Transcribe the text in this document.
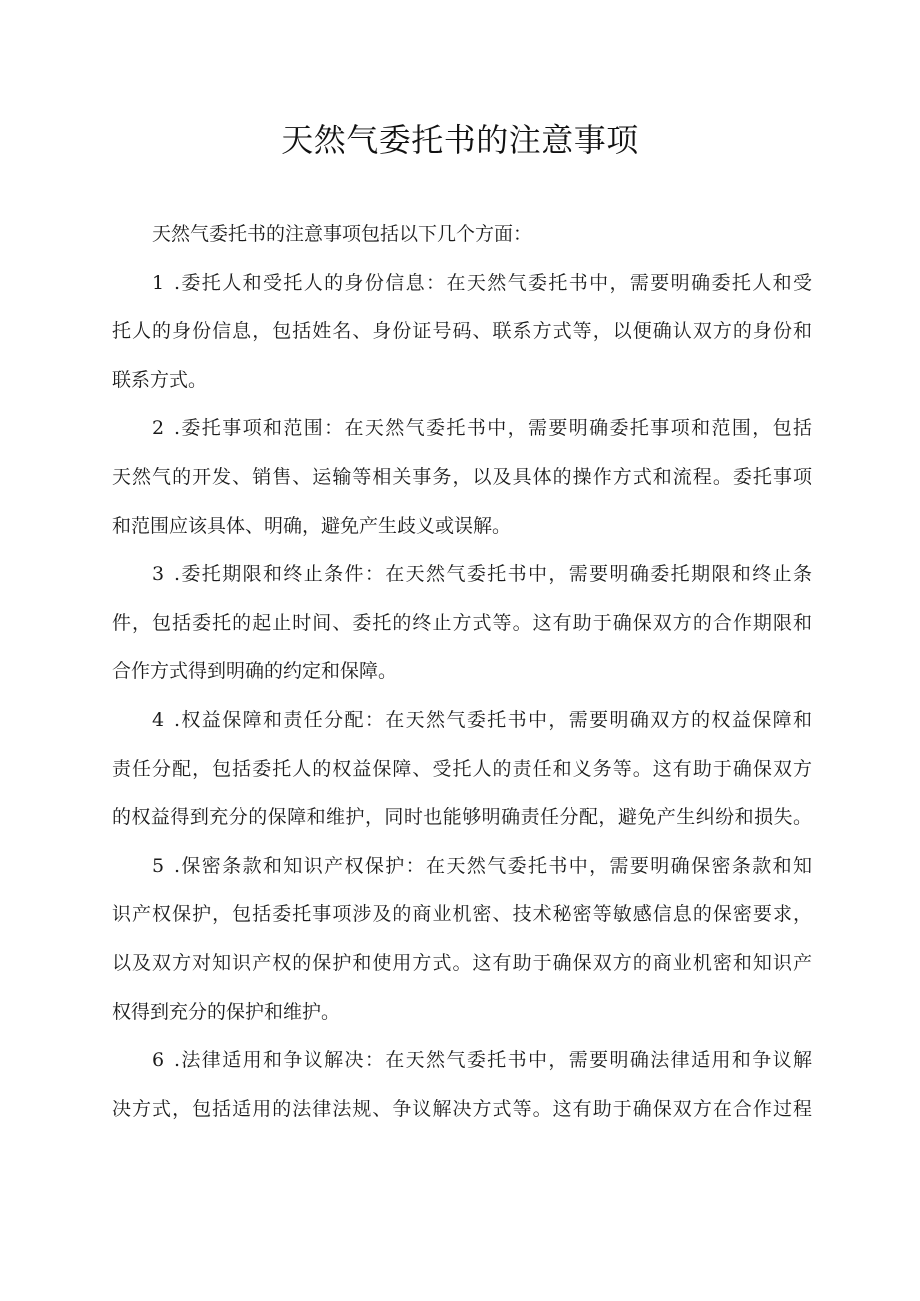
天然气委托书的注意事项
天然气委托书的注意事项包括以下几个方面：
1 .委托人和受托人的身份信息：在天然气委托书中，需要明确委托人和受
托人的身份信息，包括姓名、身份证号码、联系方式等，以便确认双方的身份和
联系方式。
2 .委托事项和范围：在天然气委托书中，需要明确委托事项和范围，包括
天然气的开发、销售、运输等相关事务，以及具体的操作方式和流程。委托事项
和范围应该具体、明确，避免产生歧义或误解。
3 .委托期限和终止条件：在天然气委托书中，需要明确委托期限和终止条
件，包括委托的起止时间、委托的终止方式等。这有助于确保双方的合作期限和
合作方式得到明确的约定和保障。
4 .权益保障和责任分配：在天然气委托书中，需要明确双方的权益保障和
责任分配，包括委托人的权益保障、受托人的责任和义务等。这有助于确保双方
的权益得到充分的保障和维护，同时也能够明确责任分配，避免产生纠纷和损失。
5 .保密条款和知识产权保护：在天然气委托书中，需要明确保密条款和知
识产权保护，包括委托事项涉及的商业机密、技术秘密等敏感信息的保密要求，
以及双方对知识产权的保护和使用方式。这有助于确保双方的商业机密和知识产
权得到充分的保护和维护。
6 .法律适用和争议解决：在天然气委托书中，需要明确法律适用和争议解
决方式，包括适用的法律法规、争议解决方式等。这有助于确保双方在合作过程
